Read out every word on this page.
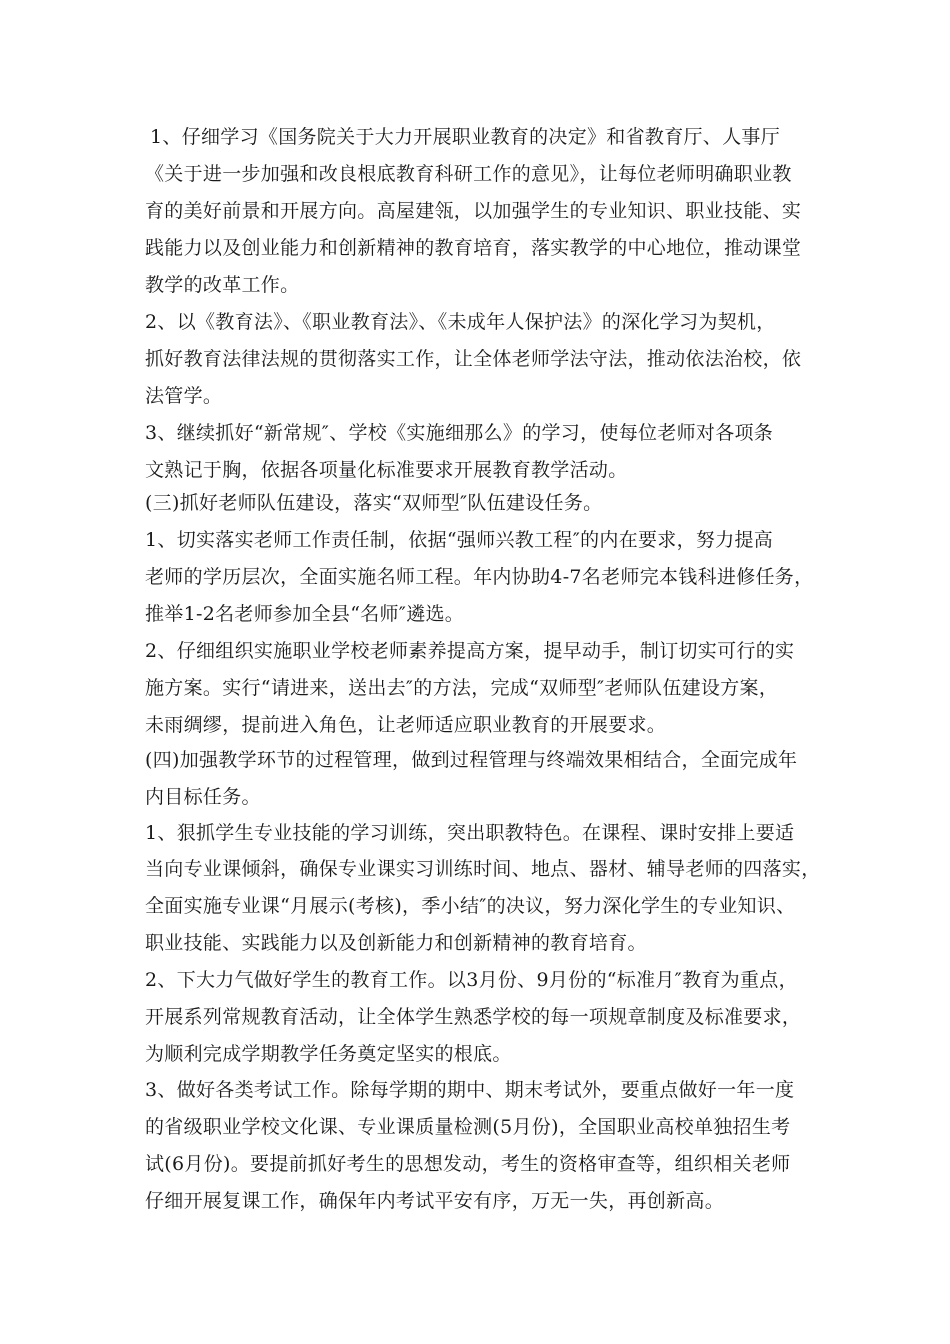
1、仔细学习《国务院关于大力开展职业教育的决定》和省教育厅、人事厅
《关于进一步加强和改良根底教育科研工作的意见》，让每位老师明确职业教
育的美好前景和开展方向。高屋建瓴，以加强学生的专业知识、职业技能、实
践能力以及创业能力和创新精神的教育培育，落实教学的中心地位，推动课堂
教学的改革工作。
2、以《教育法》、《职业教育法》、《未成年人保护法》的深化学习为契机，
抓好教育法律法规的贯彻落实工作，让全体老师学法守法，推动依法治校，依
法管学。
3、继续抓好“新常规″、学校《实施细那么》的学习，使每位老师对各项条
文熟记于胸，依据各项量化标准要求开展教育教学活动。
(三)抓好老师队伍建设，落实“双师型″队伍建设任务。
1、切实落实老师工作责任制，依据“强师兴教工程″的内在要求，努力提高
老师的学历层次，全面实施名师工程。年内协助4-7名老师完本钱科进修任务，
推举1-2名老师参加全县“名师″遴选。
2、仔细组织实施职业学校老师素养提高方案，提早动手，制订切实可行的实
施方案。实行“请进来，送出去″的方法，完成“双师型″老师队伍建设方案，
未雨绸缪，提前进入角色，让老师适应职业教育的开展要求。
(四)加强教学环节的过程管理，做到过程管理与终端效果相结合，全面完成年
内目标任务。
1、狠抓学生专业技能的学习训练，突出职教特色。在课程、课时安排上要适
当向专业课倾斜，确保专业课实习训练时间、地点、器材、辅导老师的四落实，
全面实施专业课“月展示(考核)，季小结″的决议，努力深化学生的专业知识、
职业技能、实践能力以及创新能力和创新精神的教育培育。
2、下大力气做好学生的教育工作。以3月份、9月份的“标准月″教育为重点，
开展系列常规教育活动，让全体学生熟悉学校的每一项规章制度及标准要求，
为顺利完成学期教学任务奠定坚实的根底。
3、做好各类考试工作。除每学期的期中、期末考试外，要重点做好一年一度
的省级职业学校文化课、专业课质量检测(5月份)，全国职业高校单独招生考
试(6月份)。要提前抓好考生的思想发动，考生的资格审查等，组织相关老师
仔细开展复课工作，确保年内考试平安有序，万无一失，再创新高。
